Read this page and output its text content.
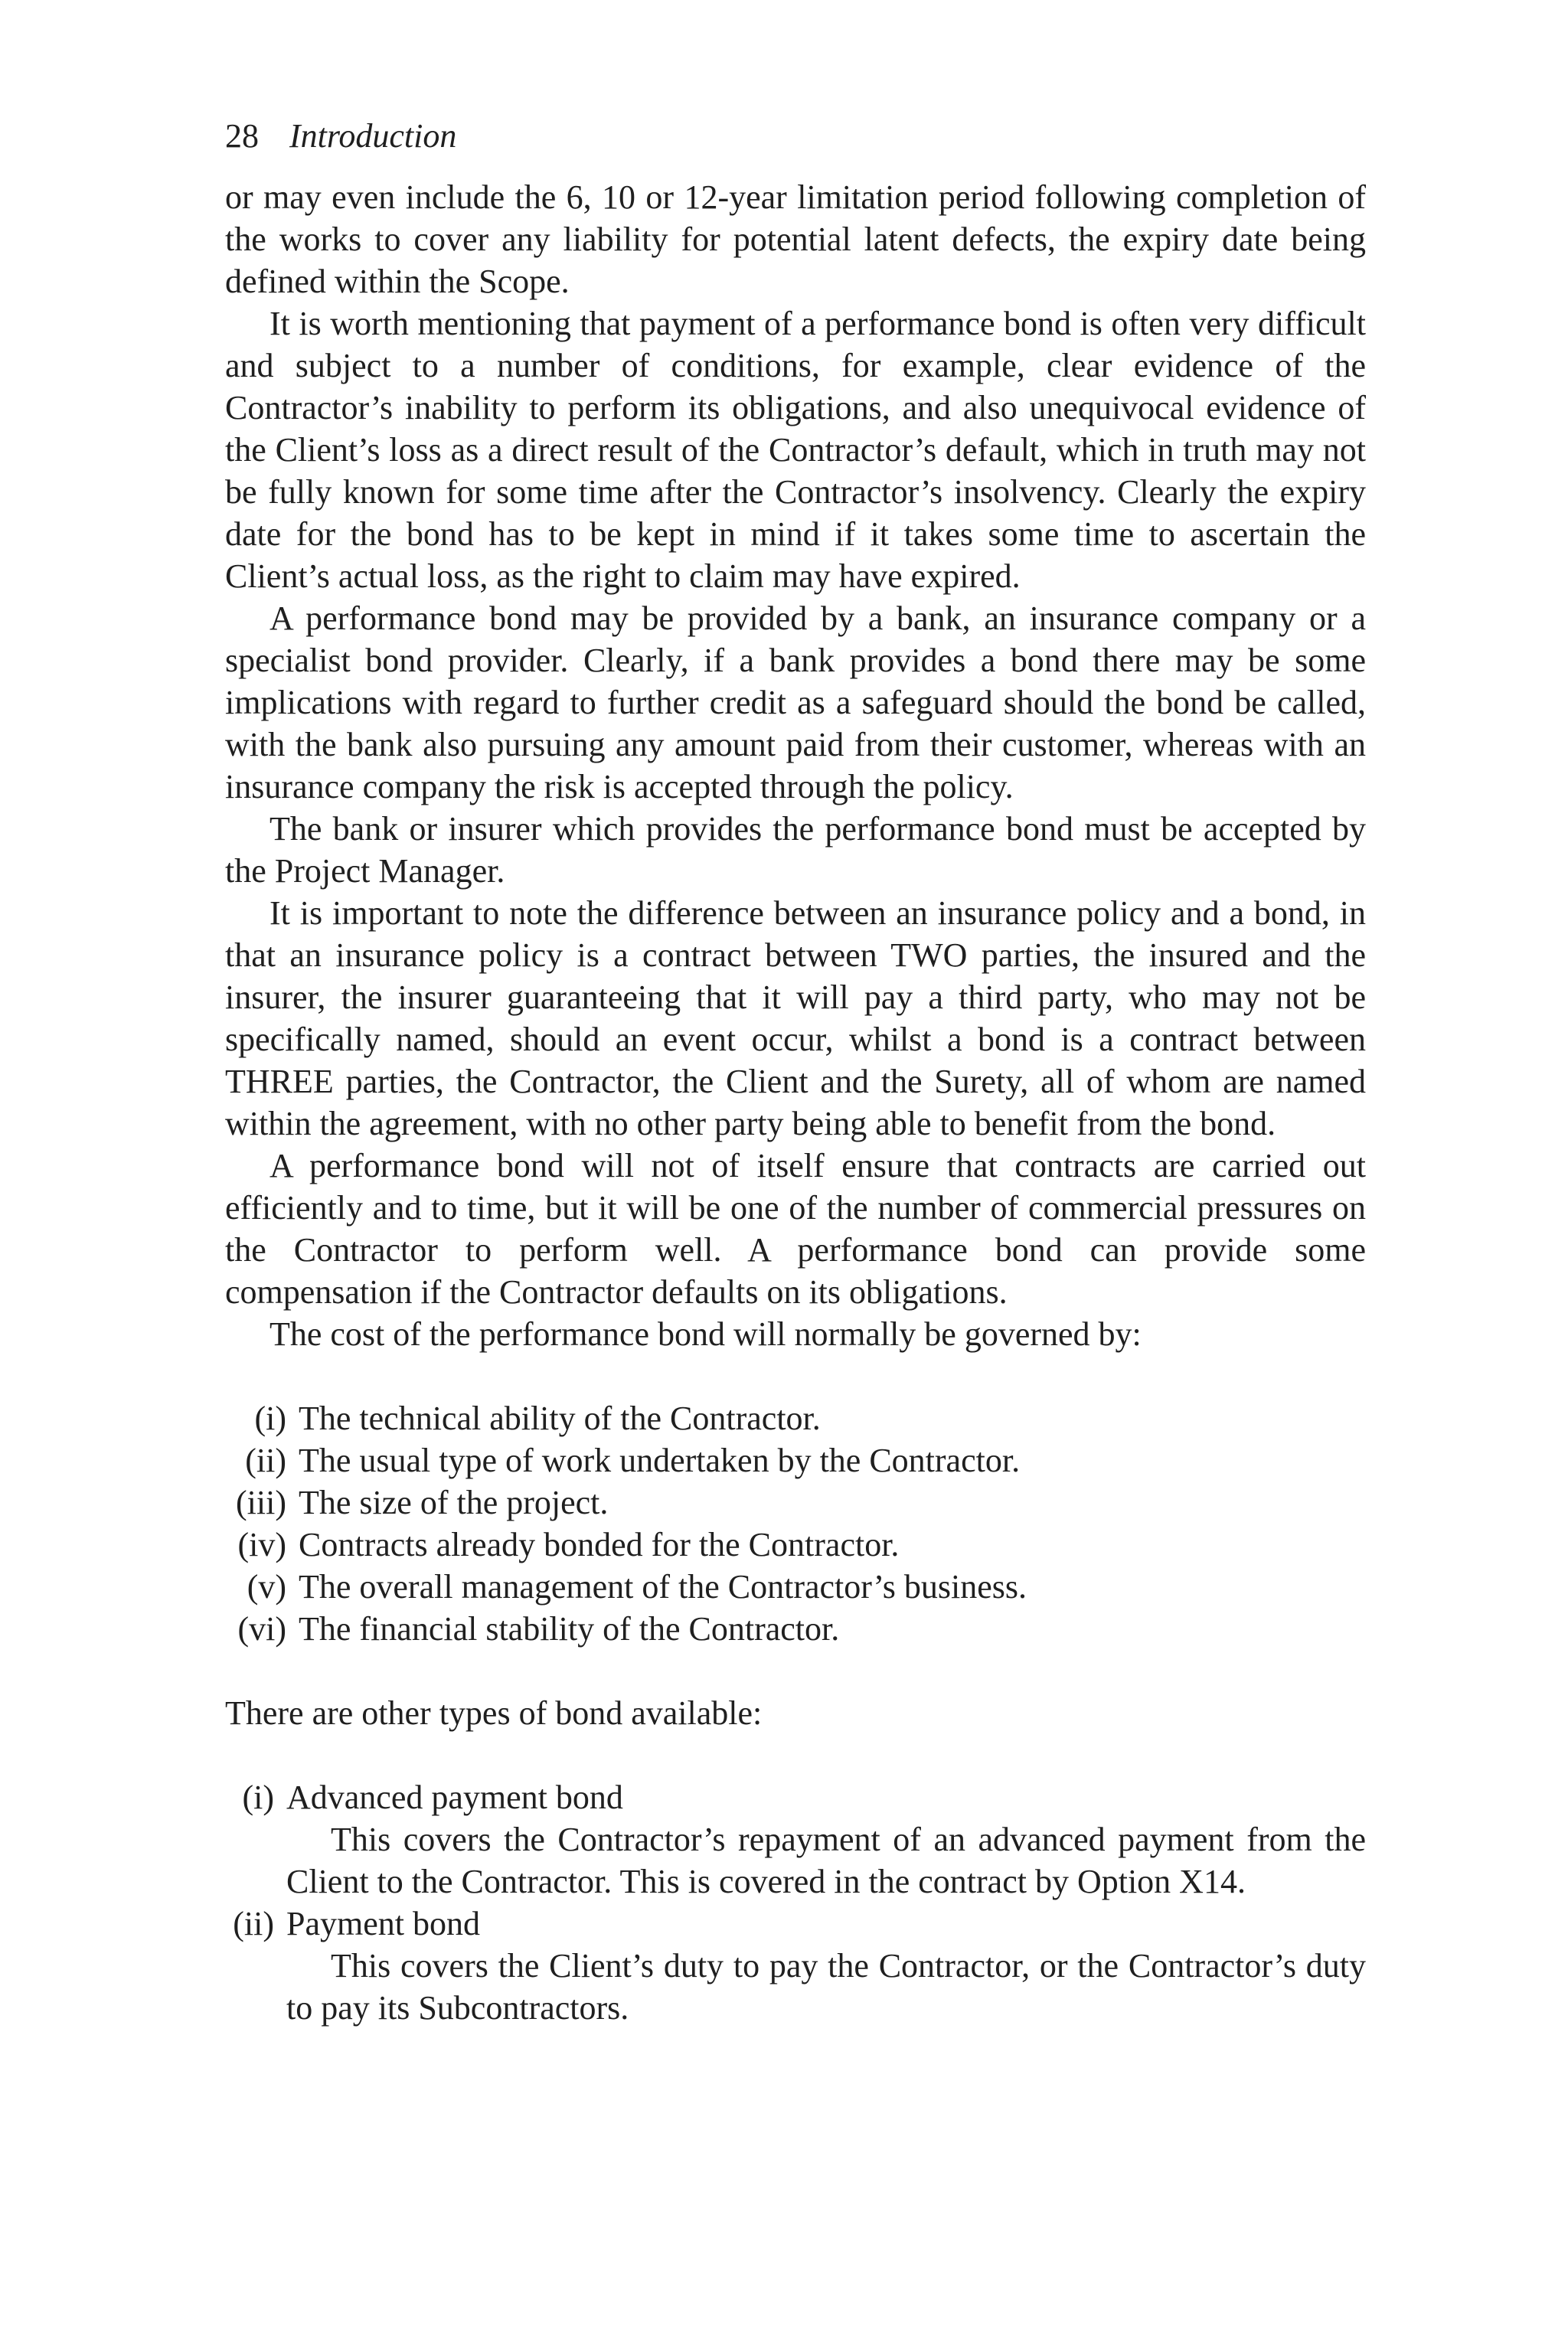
28 Introduction

or may even include the 6, 10 or 12-year limitation period following completion of the works to cover any liability for potential latent defects, the expiry date being defined within the Scope.

It is worth mentioning that payment of a performance bond is often very difficult and subject to a number of conditions, for example, clear evidence of the Contractor’s inability to perform its obligations, and also unequivocal evidence of the Client’s loss as a direct result of the Contractor’s default, which in truth may not be fully known for some time after the Contractor’s insolvency. Clearly the expiry date for the bond has to be kept in mind if it takes some time to ascertain the Client’s actual loss, as the right to claim may have expired.

A performance bond may be provided by a bank, an insurance company or a specialist bond provider. Clearly, if a bank provides a bond there may be some implications with regard to further credit as a safeguard should the bond be called, with the bank also pursuing any amount paid from their customer, whereas with an insurance company the risk is accepted through the policy.

The bank or insurer which provides the performance bond must be accepted by the Project Manager.

It is important to note the difference between an insurance policy and a bond, in that an insurance policy is a contract between TWO parties, the insured and the insurer, the insurer guaranteeing that it will pay a third party, who may not be specifically named, should an event occur, whilst a bond is a contract between THREE parties, the Contractor, the Client and the Surety, all of whom are named within the agreement, with no other party being able to benefit from the bond.

A performance bond will not of itself ensure that contracts are carried out efficiently and to time, but it will be one of the number of commercial pressures on the Contractor to perform well. A performance bond can provide some compensation if the Contractor defaults on its obligations.

The cost of the performance bond will normally be governed by:

(i) The technical ability of the Contractor.
(ii) The usual type of work undertaken by the Contractor.
(iii) The size of the project.
(iv) Contracts already bonded for the Contractor.
(v) The overall management of the Contractor’s business.
(vi) The financial stability of the Contractor.

There are other types of bond available:

(i) Advanced payment bond
This covers the Contractor’s repayment of an advanced payment from the Client to the Contractor. This is covered in the contract by Option X14.
(ii) Payment bond
This covers the Client’s duty to pay the Contractor, or the Contractor’s duty to pay its Subcontractors.
